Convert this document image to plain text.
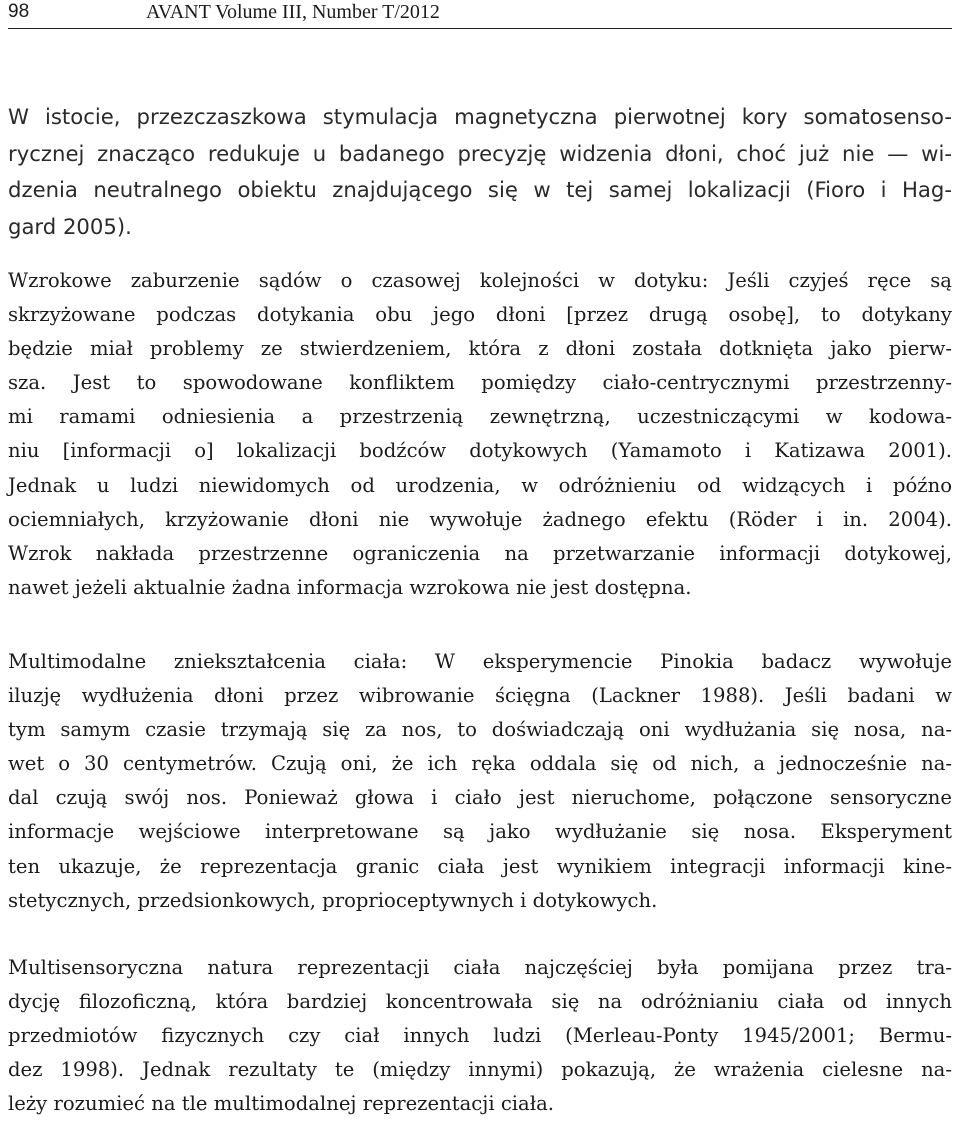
98	AVANT Volume III, Number T/2012

W istocie, przezczaszkowa stymulacja magnetyczna pierwotnej kory somatosenso-
rycznej znacząco redukuje u badanego precyzję widzenia dłoni, choć już nie — wi-
dzenia neutralnego obiektu znajdującego się w tej samej lokalizacji (Fioro i Hag-
gard 2005).

Wzrokowe zaburzenie sądów o czasowej kolejności w dotyku: Jeśli czyjeś ręce są
skrzyżowane podczas dotykania obu jego dłoni [przez drugą osobę], to dotykany
będzie miał problemy ze stwierdzeniem, która z dłoni została dotknięta jako pierw-
sza. Jest to spowodowane konfliktem pomiędzy ciało-centrycznymi przestrzenny-
mi ramami odniesienia a przestrzenią zewnętrzną, uczestniczącymi w kodowa-
niu [informacji o] lokalizacji bodźców dotykowych (Yamamoto i Katizawa 2001).
Jednak u ludzi niewidomych od urodzenia, w odróżnieniu od widzących i późno
ociemniałych, krzyżowanie dłoni nie wywołuje żadnego efektu (Röder i in. 2004).
Wzrok nakłada przestrzenne ograniczenia na przetwarzanie informacji dotykowej,
nawet jeżeli aktualnie żadna informacja wzrokowa nie jest dostępna.

Multimodalne zniekształcenia ciała: W eksperymencie Pinokia badacz wywołuje
iluzję wydłużenia dłoni przez wibrowanie ścięgna (Lackner 1988). Jeśli badani w
tym samym czasie trzymają się za nos, to doświadczają oni wydłużania się nosa, na-
wet o 30 centymetrów. Czują oni, że ich ręka oddala się od nich, a jednocześnie na-
dal czują swój nos. Ponieważ głowa i ciało jest nieruchome, połączone sensoryczne
informacje wejściowe interpretowane są jako wydłużanie się nosa. Eksperyment
ten ukazuje, że reprezentacja granic ciała jest wynikiem integracji informacji kine-
stetycznych, przedsionkowych, proprioceptywnych i dotykowych.

Multisensoryczna natura reprezentacji ciała najczęściej była pomijana przez tra-
dycję filozoficzną, która bardziej koncentrowała się na odróżnianiu ciała od innych
przedmiotów fizycznych czy ciał innych ludzi (Merleau-Ponty 1945/2001; Bermu-
dez 1998). Jednak rezultaty te (między innymi) pokazują, że wrażenia cielesne na-
leży rozumieć na tle multimodalnej reprezentacji ciała.
